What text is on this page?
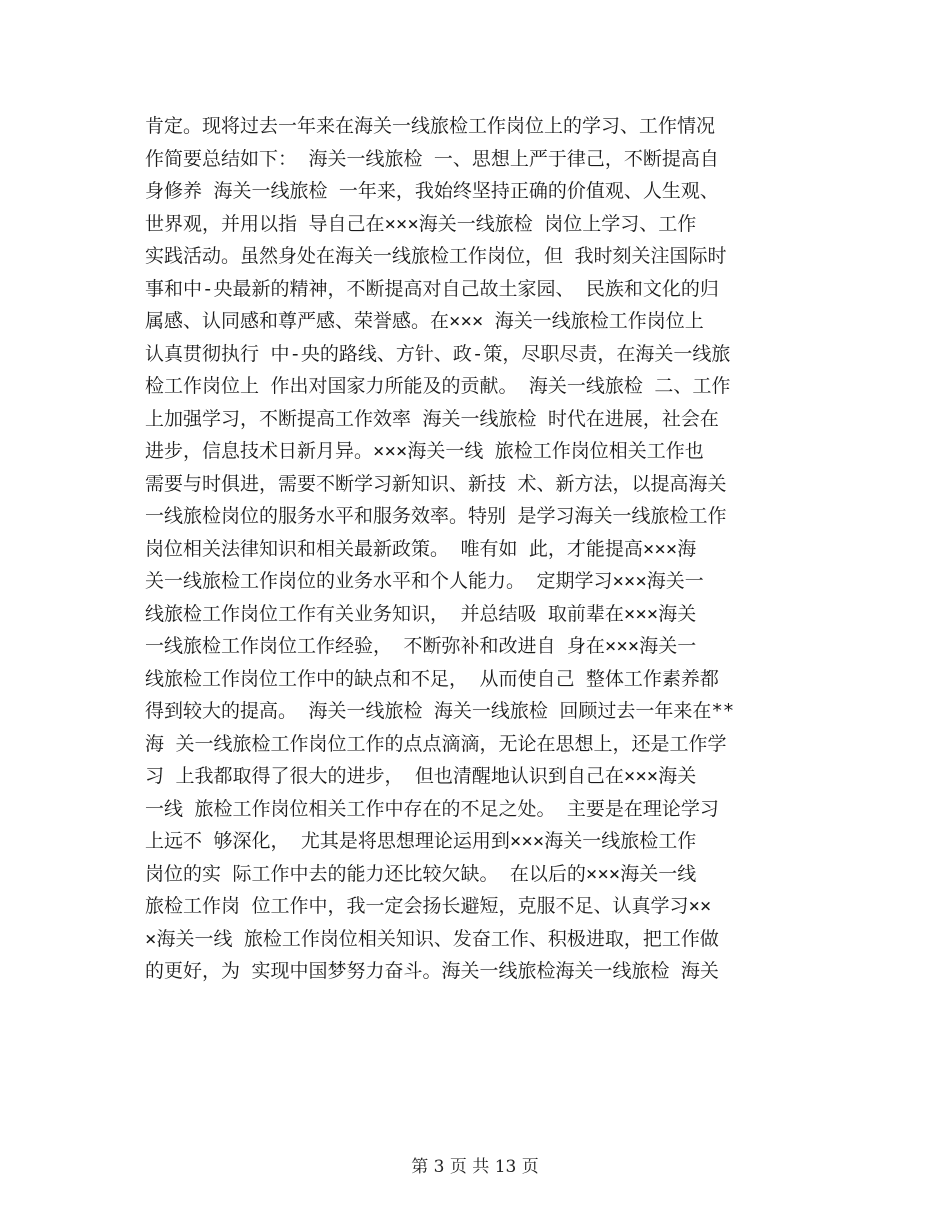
肯定。现将过去一年来在海关一线旅检工作岗位上的学习、工作情况
作简要总结如下： 海关一线旅检 一、思想上严于律己，不断提高自
身修养 海关一线旅检 一年来，我始终坚持正确的价值观、人生观、
世界观，并用以指 导自己在×××海关一线旅检 岗位上学习、工作
实践活动。虽然身处在海关一线旅检工作岗位，但 我时刻关注国际时
事和中-央最新的精神，不断提高对自己故土家园、 民族和文化的归
属感、认同感和尊严感、荣誉感。在××× 海关一线旅检工作岗位上
认真贯彻执行 中-央的路线、方针、政-策，尽职尽责，在海关一线旅
检工作岗位上 作出对国家力所能及的贡献。 海关一线旅检 二、工作
上加强学习，不断提高工作效率 海关一线旅检 时代在进展，社会在
进步，信息技术日新月异。×××海关一线 旅检工作岗位相关工作也
需要与时俱进，需要不断学习新知识、新技 术、新方法，以提高海关
一线旅检岗位的服务水平和服务效率。特别 是学习海关一线旅检工作
岗位相关法律知识和相关最新政策。 唯有如 此，才能提高×××海
关一线旅检工作岗位的业务水平和个人能力。 定期学习×××海关一
线旅检工作岗位工作有关业务知识， 并总结吸 取前辈在×××海关
一线旅检工作岗位工作经验， 不断弥补和改进自 身在×××海关一
线旅检工作岗位工作中的缺点和不足， 从而使自己 整体工作素养都
得到较大的提高。 海关一线旅检 海关一线旅检 回顾过去一年来在**
海 关一线旅检工作岗位工作的点点滴滴，无论在思想上，还是工作学
习 上我都取得了很大的进步， 但也清醒地认识到自己在×××海关
一线 旅检工作岗位相关工作中存在的不足之处。 主要是在理论学习
上远不 够深化， 尤其是将思想理论运用到×××海关一线旅检工作
岗位的实 际工作中去的能力还比较欠缺。 在以后的×××海关一线
旅检工作岗 位工作中，我一定会扬长避短，克服不足、认真学习××
×海关一线 旅检工作岗位相关知识、发奋工作、积极进取，把工作做
的更好，为 实现中国梦努力奋斗。海关一线旅检海关一线旅检 海关
第 3 页 共 13 页
